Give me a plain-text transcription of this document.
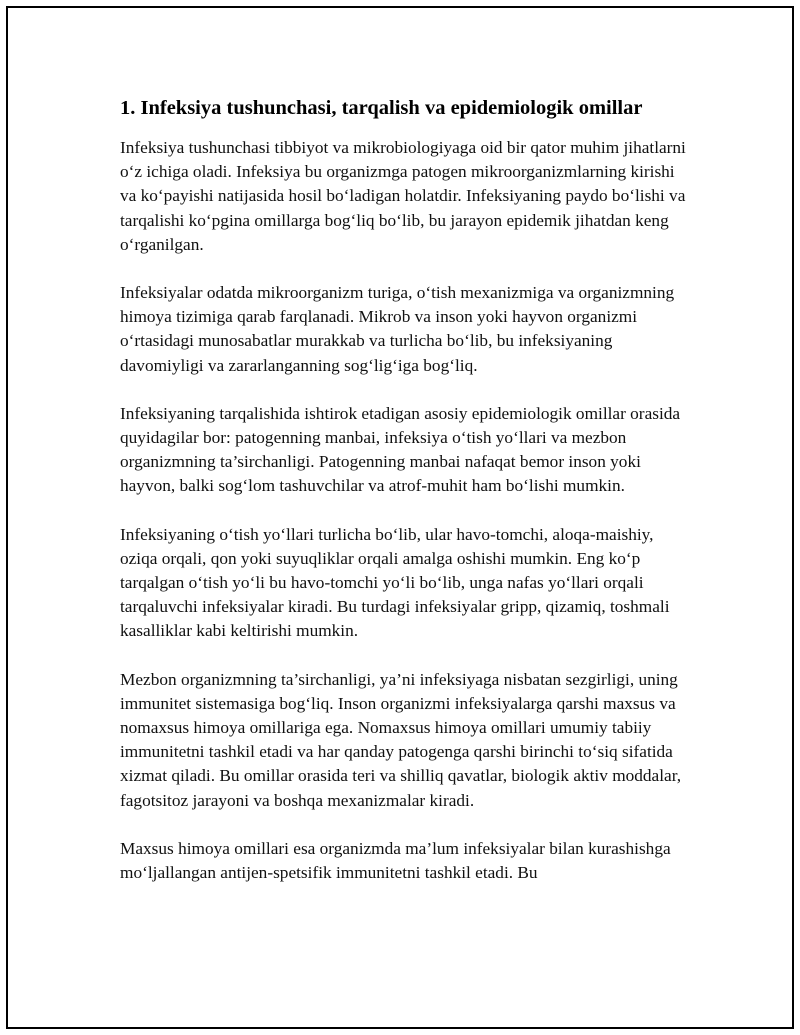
1. Infeksiya tushunchasi, tarqalish va epidemiologik omillar

Infeksiya tushunchasi tibbiyot va mikrobiologiyaga oid bir qator muhim jihatlarni o‘z ichiga oladi. Infeksiya bu organizmga patogen mikroorganizmlarning kirishi va ko‘payishi natijasida hosil bo‘ladigan holatdir. Infeksiyaning paydo bo‘lishi va tarqalishi ko‘pgina omillarga bog‘liq bo‘lib, bu jarayon epidemik jihatdan keng o‘rganilgan.

Infeksiyalar odatda mikroorganizm turiga, o‘tish mexanizmiga va organizmning himoya tizimiga qarab farqlanadi. Mikrob va inson yoki hayvon organizmi o‘rtasidagi munosabatlar murakkab va turlicha bo‘lib, bu infeksiyaning davomiyligi va zararlanganning sog‘lig‘iga bog‘liq.

Infeksiyaning tarqalishida ishtirok etadigan asosiy epidemiologik omillar orasida quyidagilar bor: patogenning manbai, infeksiya o‘tish yo‘llari va mezbon organizmning ta’sirchanligi. Patogenning manbai nafaqat bemor inson yoki hayvon, balki sog‘lom tashuvchilar va atrof-muhit ham bo‘lishi mumkin.

Infeksiyaning o‘tish yo‘llari turlicha bo‘lib, ular havo-tomchi, aloqa-maishiy, oziqa orqali, qon yoki suyuqliklar orqali amalga oshishi mumkin. Eng ko‘p tarqalgan o‘tish yo‘li bu havo-tomchi yo‘li bo‘lib, unga nafas yo‘llari orqali tarqaluvchi infeksiyalar kiradi. Bu turdagi infeksiyalar gripp, qizamiq, toshmali kasalliklar kabi keltirishi mumkin.

Mezbon organizmning ta’sirchanligi, ya’ni infeksiyaga nisbatan sezgirligi, uning immunitet sistemasiga bog‘liq. Inson organizmi infeksiyalarga qarshi maxsus va nomaxsus himoya omillariga ega. Nomaxsus himoya omillari umumiy tabiiy immunitetni tashkil etadi va har qanday patogenga qarshi birinchi to‘siq sifatida xizmat qiladi. Bu omillar orasida teri va shilliq qavatlar, biologik aktiv moddalar, fagotsitoz jarayoni va boshqa mexanizmalar kiradi.

Maxsus himoya omillari esa organizmda ma’lum infeksiyalar bilan kurashishga mo‘ljallangan antijen-spetsifik immunitetni tashkil etadi. Bu
